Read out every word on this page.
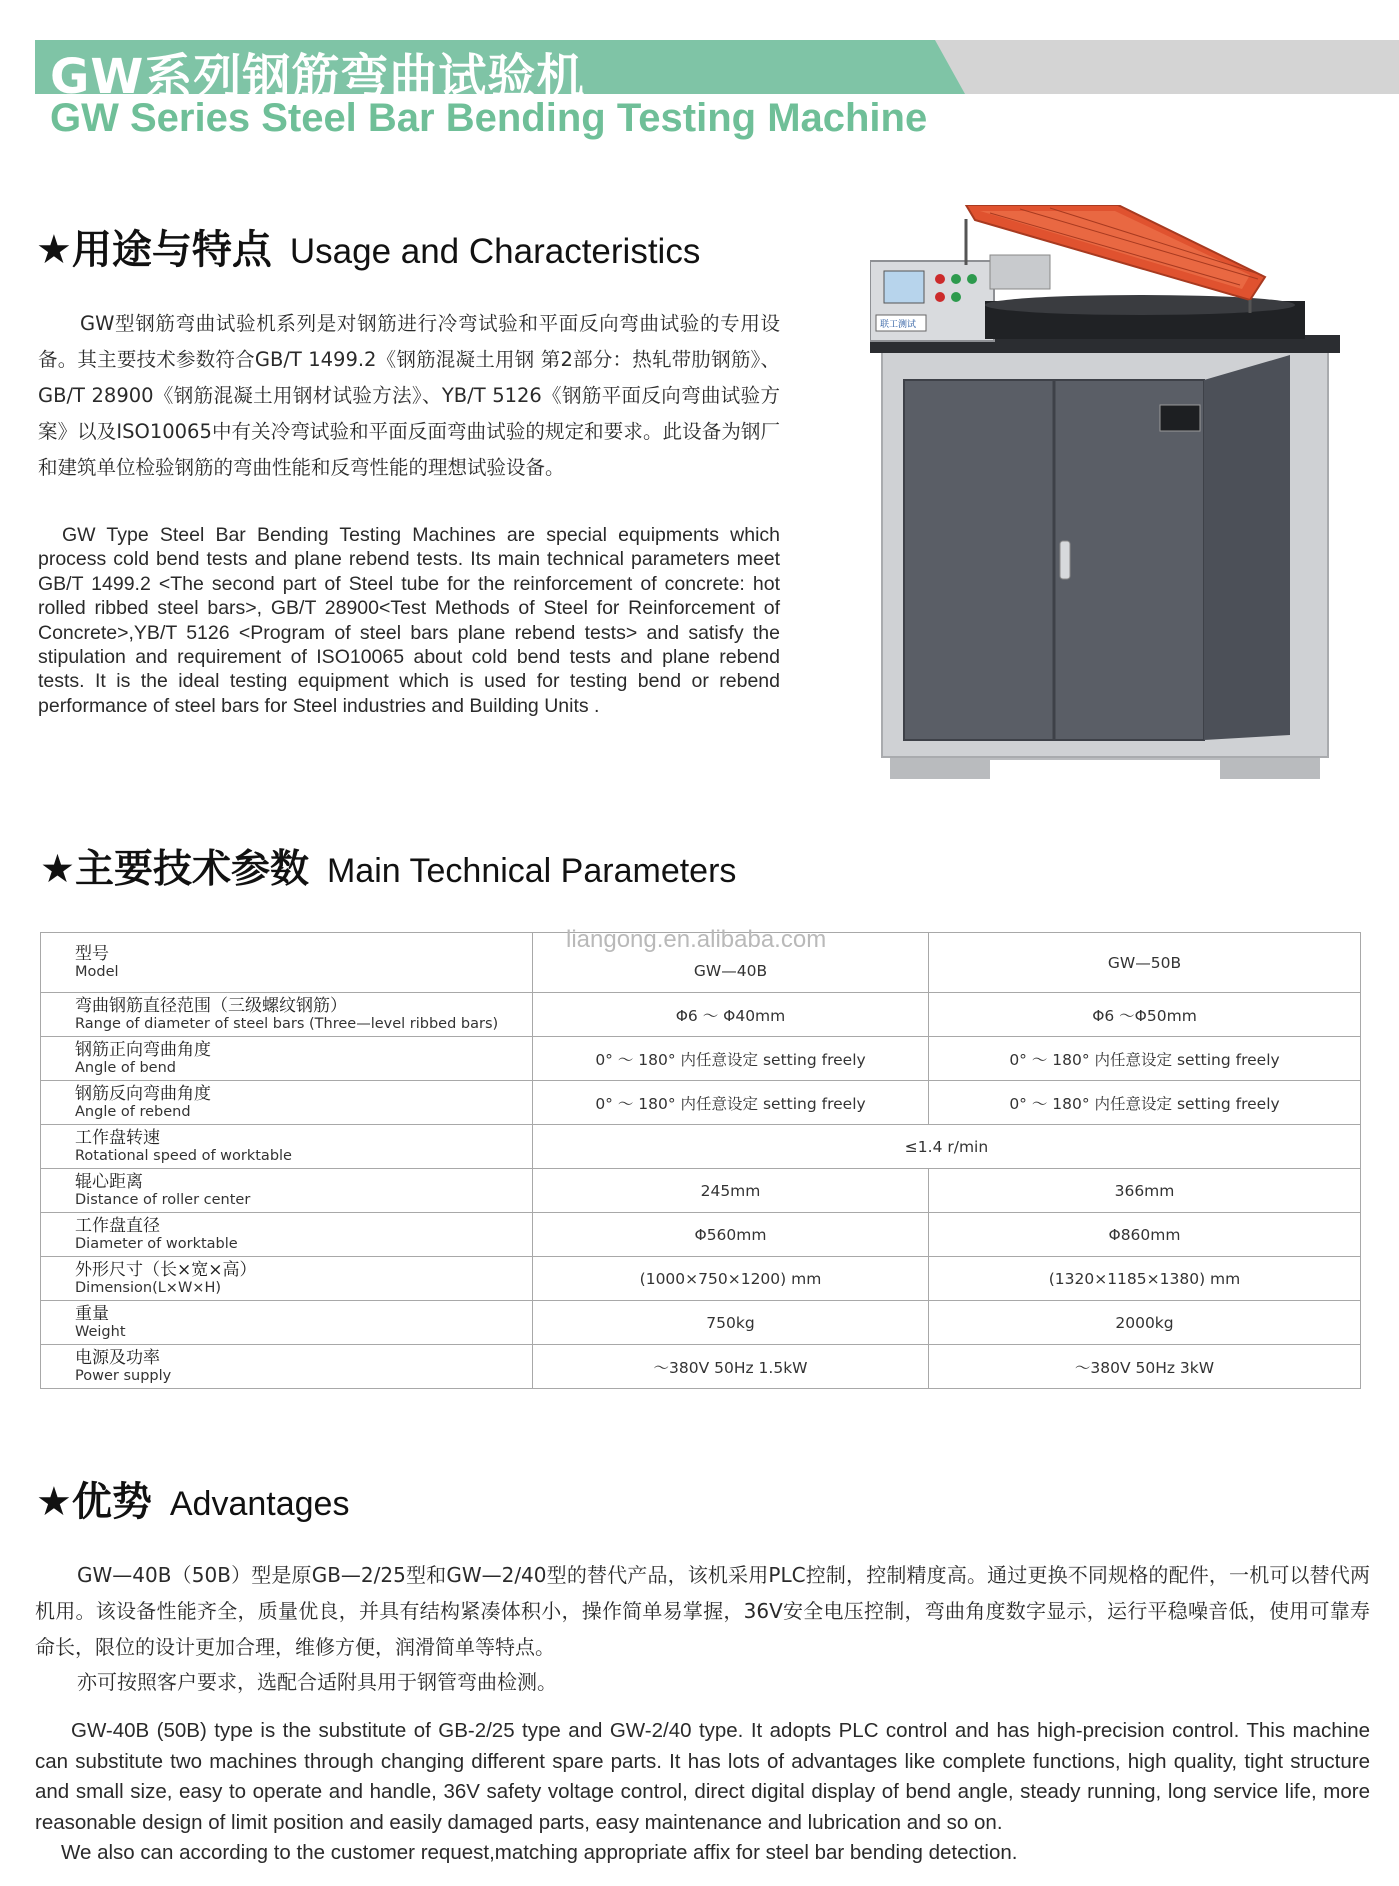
GW系列钢筋弯曲试验机
GW Series Steel Bar Bending Testing Machine
★用途与特点 Usage and Characteristics
GW型钢筋弯曲试验机系列是对钢筋进行冷弯试验和平面反向弯曲试验的专用设备。其主要技术参数符合GB/T 1499.2《钢筋混凝土用钢 第2部分：热轧带肋钢筋》、GB/T 28900《钢筋混凝土用钢材试验方法》、YB/T 5126《钢筋平面反向弯曲试验方案》以及ISO10065中有关冷弯试验和平面反面弯曲试验的规定和要求。此设备为钢厂和建筑单位检验钢筋的弯曲性能和反弯性能的理想试验设备。
GW Type Steel Bar Bending Testing Machines are special equipments which process cold bend tests and plane rebend tests. Its main technical parameters meet GB/T 1499.2 <The second part of Steel tube for the reinforcement of concrete: hot rolled ribbed steel bars>, GB/T 28900<Test Methods of Steel for Reinforcement of Concrete>,YB/T 5126 <Program of steel bars plane rebend tests> and satisfy the stipulation and requirement of ISO10065 about cold bend tests and plane rebend tests. It is the ideal testing equipment which is used for testing bend or rebend performance of steel bars for Steel industries and Building Units .
联工测试
★主要技术参数 Main Technical Parameters
型号
Model	GW—40B	GW—50B

弯曲钢筋直径范围（三级螺纹钢筋）
Range of diameter of steel bars (Three—level ribbed bars)	Φ6 ～ Φ40mm	Φ6 ～Φ50mm

钢筋正向弯曲角度
Angle of bend	0° ～ 180° 内任意设定 setting freely	0° ～ 180° 内任意设定 setting freely

钢筋反向弯曲角度
Angle of rebend	0° ～ 180° 内任意设定 setting freely	0° ～ 180° 内任意设定 setting freely

工作盘转速
Rotational speed of worktable	≤1.4 r/min	

辊心距离
Distance of roller center	245mm	366mm

工作盘直径
Diameter of worktable	Φ560mm	Φ860mm

外形尺寸（长×宽×高）
Dimension(L×W×H)	(1000×750×1200) mm	(1320×1185×1380) mm

重量
Weight	750kg	2000kg

电源及功率
Power supply	～380V 50Hz 1.5kW	～380V 50Hz 3kW
liangong.en.alibaba.com
★优势 Advantages
GW—40B（50B）型是原GB—2/25型和GW—2/40型的替代产品，该机采用PLC控制，控制精度高。通过更换不同规格的配件，一机可以替代两机用。该设备性能齐全，质量优良，并具有结构紧凑体积小，操作简单易掌握，36V安全电压控制，弯曲角度数字显示，运行平稳噪音低，使用可靠寿命长，限位的设计更加合理，维修方便，润滑简单等特点。
亦可按照客户要求，选配合适附具用于钢管弯曲检测。
GW-40B (50B) type is the substitute of GB-2/25 type and GW-2/40 type. It adopts PLC control and has high-precision control. This machine can substitute two machines through changing different spare parts. It has lots of advantages like complete functions, high quality, tight structure and small size, easy to operate and handle, 36V safety voltage control, direct digital display of bend angle, steady running, long service life, more reasonable design of limit position and easily damaged parts, easy maintenance and lubrication and so on.
We also can according to the customer request,matching appropriate affix for steel bar bending detection.
